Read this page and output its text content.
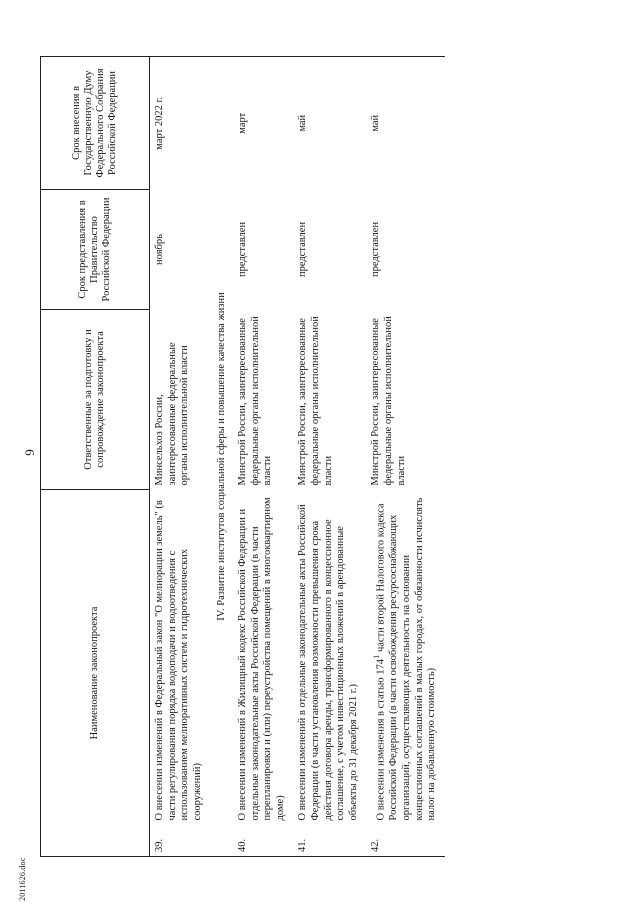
2011626.doc
9
Наименование законопроекта		Ответственные за подготовку и сопровождение законопроекта	Срок представления в Правительство Российской Федерации	Срок внесения в Государственную Думу Федерального Собрания Российской Федерации
39.	О внесении изменений в Федеральный закон "О мелиорации земель" (в части регулирования порядка водоподачи и водоотведения с использованием мелиоративных систем и гидротехнических сооружений)	Минсельхоз России, заинтересованные федеральные органы исполнительной власти	ноябрь	март 2022 г.
IV. Развитие институтов социальной сферы и повышение качества жизни				
40.	О внесении изменений в Жилищный кодекс Российской Федерации и отдельные законодательные акты Российской Федерации (в части перепланировки и (или) переустройства помещений в многоквартирном доме)	Минстрой России, заинтересованные федеральные органы исполнительной власти	представлен	март
41.	О внесении изменений в отдельные законодательные акты Российской Федерации (в части установления возможности превышения срока действия договора аренды, трансформированного в концессионное соглашение, с учетом инвестиционных вложений в арендованные объекты до 31 декабря 2021 г.)	Минстрой России, заинтересованные федеральные органы исполнительной власти	представлен	май
42.	О внесении изменения в статью $174^1$ части второй Налогового кодекса Российской Федерации (в части освобождения ресурсоснабжающих организаций, осуществляющих деятельность на основании концессионных соглашений в малых городах, от обязанности исчислять налог на добавленную стоимость)	Минстрой России, заинтересованные федеральные органы исполнительной власти	представлен	май
